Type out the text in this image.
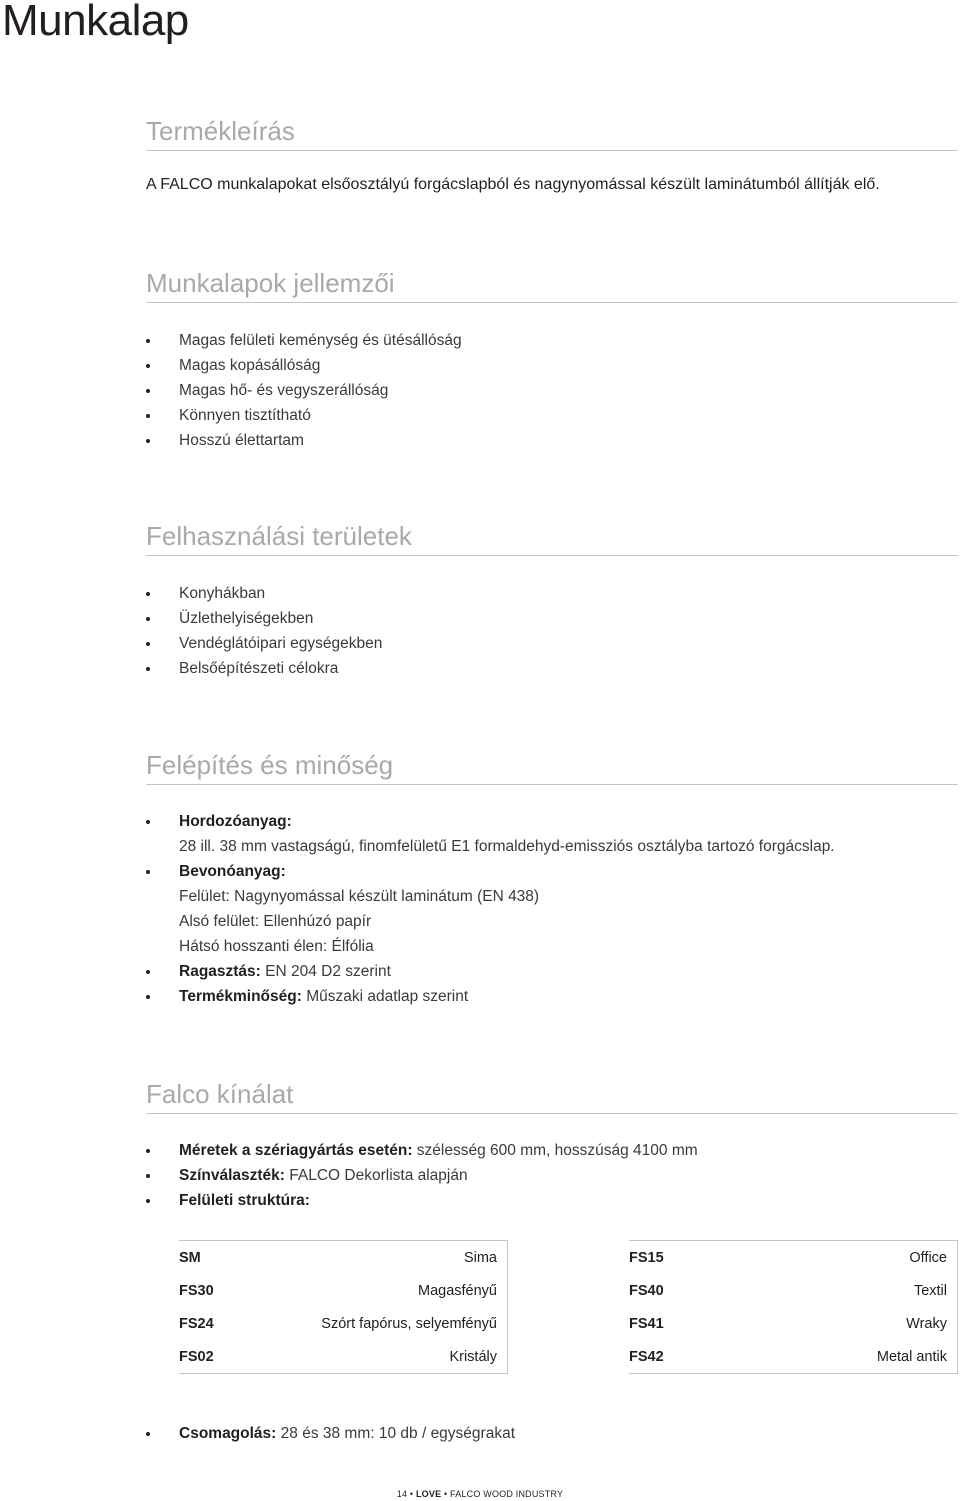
Munkalap
Termékleírás
A FALCO munkalapokat elsőosztályú forgácslapból és nagynyomással készült laminátumból állítják elő.
Munkalapok jellemzői
Magas felületi keménység és ütésállóság
Magas kopásállóság
Magas hő- és vegyszerállóság
Könnyen tisztítható
Hosszú élettartam
Felhasználási területek
Konyhákban
Üzlethelyiségekben
Vendéglátóipari egységekben
Belsőépítészeti célokra
Felépítés és minőség
Hordozóanyag:
28 ill. 38 mm vastagságú, finomfelületű E1 formaldehyd-emissziós osztályba tartozó forgácslap.
Bevonóanyag:
Felület: Nagynyomással készült laminátum (EN 438)
Alsó felület: Ellenhúzó papír
Hátsó hosszanti élen: Élfólia
Ragasztás: EN 204 D2 szerint
Termékminőség: Műszaki adatlap szerint
Falco kínálat
Méretek a szériagyártás esetén: szélesség 600 mm, hosszúság 4100 mm
Színválaszték: FALCO Dekorlista alapján
Felületi struktúra:
SM	Sima
FS30	Magasfényű
FS24	Szórt fapórus, selyemfényű
FS02	Kristály
FS15	Office
FS40	Textil
FS41	Wraky
FS42	Metal antik
Csomagolás: 28 és 38 mm: 10 db / egységrakat
14 • LOVE • FALCO WOOD INDUSTRY
